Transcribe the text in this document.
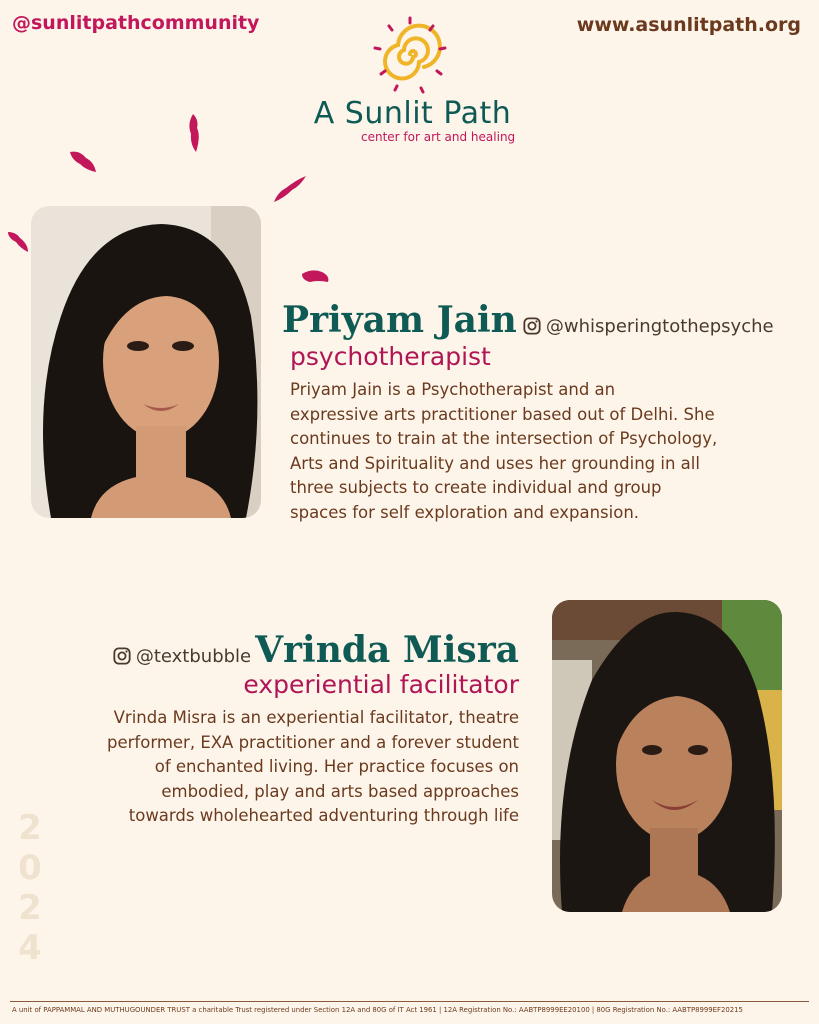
@sunlitpathcommunity	www.asunlitpath.org
A Sunlit Path
center for art and healing
Priyam Jain	@whisperingtothepsyche
psychotherapist
Priyam Jain is a Psychotherapist and an
expressive arts practitioner based out of Delhi. She
continues to train at the intersection of Psychology,
Arts and Spirituality and uses her grounding in all
three subjects to create individual and group
spaces for self exploration and expansion.
@textbubble Vrinda Misra
experiential facilitator
Vrinda Misra is an experiential facilitator, theatre
performer, EXA practitioner and a forever student
of enchanted living. Her practice focuses on
embodied, play and arts based approaches
towards wholehearted adventuring through life
2
0
2
4
A unit of PAPPAMMAL AND MUTHUGOUNDER TRUST a charitable Trust registered under Section 12A and 80G of IT Act 1961 | 12A Registration No.: AABTP8999EE20100 | 80G Registration No.: AABTP8999EF20215
